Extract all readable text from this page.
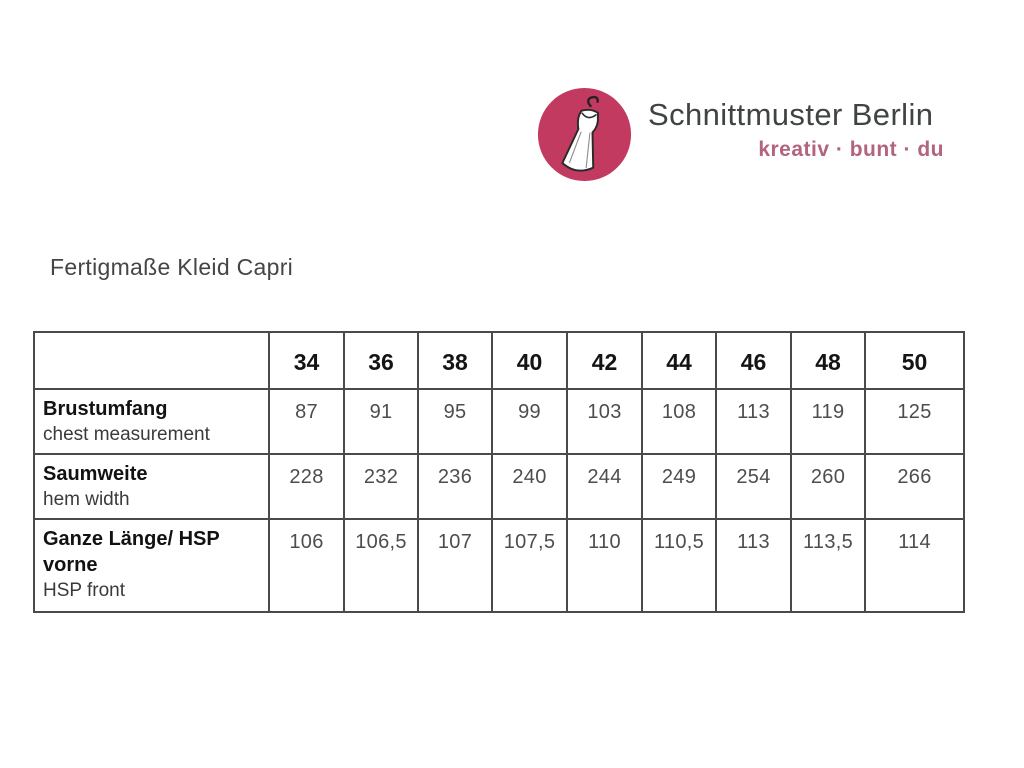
Schnittmuster Berlin
kreativ · bunt · du
Fertigmaße Kleid Capri
	34	36	38	40	42	44	46	48	50

Brustumfang
chest measurement	87	91	95	99	103	108	113	119	125

Saumweite
hem width	228	232	236	240	244	249	254	260	266

Ganze Länge/ HSP vorne
HSP front	106	106,5	107	107,5	110	110,5	113	113,5	114
